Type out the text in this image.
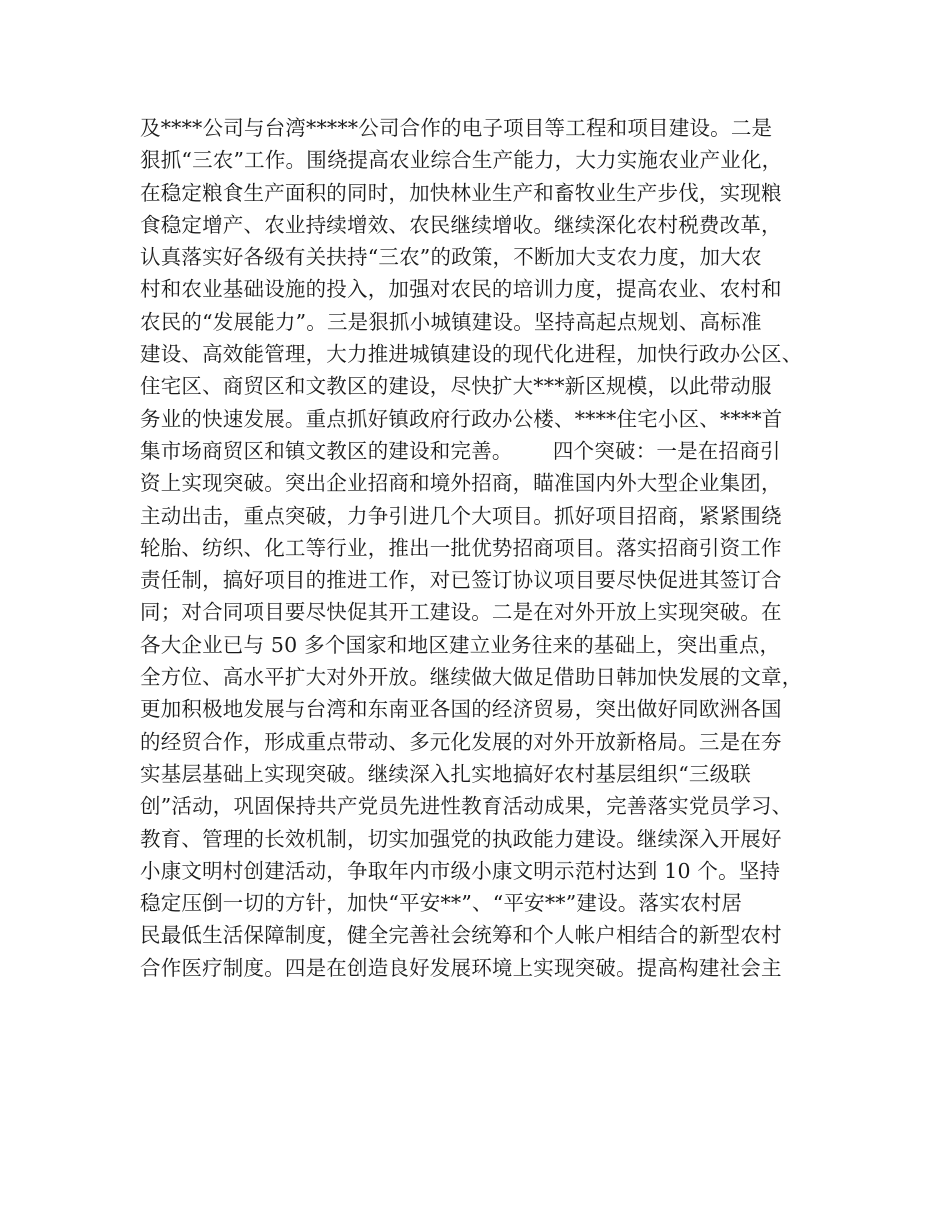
及****公司与台湾*****公司合作的电子项目等工程和项目建设。二是
狠抓“三农”工作。围绕提高农业综合生产能力，大力实施农业产业化，
在稳定粮食生产面积的同时，加快林业生产和畜牧业生产步伐，实现粮
食稳定增产、农业持续增效、农民继续增收。继续深化农村税费改革，
认真落实好各级有关扶持“三农”的政策，不断加大支农力度，加大农
村和农业基础设施的投入，加强对农民的培训力度，提高农业、农村和
农民的“发展能力”。三是狠抓小城镇建设。坚持高起点规划、高标准
建设、高效能管理，大力推进城镇建设的现代化进程，加快行政办公区、
住宅区、商贸区和文教区的建设，尽快扩大***新区规模，以此带动服
务业的快速发展。重点抓好镇政府行政办公楼、****住宅小区、****首
集市场商贸区和镇文教区的建设和完善。      四个突破：一是在招商引
资上实现突破。突出企业招商和境外招商，瞄准国内外大型企业集团，
主动出击，重点突破，力争引进几个大项目。抓好项目招商，紧紧围绕
轮胎、纺织、化工等行业，推出一批优势招商项目。落实招商引资工作
责任制，搞好项目的推进工作，对已签订协议项目要尽快促进其签订合
同；对合同项目要尽快促其开工建设。二是在对外开放上实现突破。在
各大企业已与 50 多个国家和地区建立业务往来的基础上，突出重点，
全方位、高水平扩大对外开放。继续做大做足借助日韩加快发展的文章，
更加积极地发展与台湾和东南亚各国的经济贸易，突出做好同欧洲各国
的经贸合作，形成重点带动、多元化发展的对外开放新格局。三是在夯
实基层基础上实现突破。继续深入扎实地搞好农村基层组织“三级联
创”活动，巩固保持共产党员先进性教育活动成果，完善落实党员学习、
教育、管理的长效机制，切实加强党的执政能力建设。继续深入开展好
小康文明村创建活动，争取年内市级小康文明示范村达到 10 个。坚持
稳定压倒一切的方针，加快“平安**”、“平安**”建设。落实农村居
民最低生活保障制度，健全完善社会统筹和个人帐户相结合的新型农村
合作医疗制度。四是在创造良好发展环境上实现突破。提高构建社会主
